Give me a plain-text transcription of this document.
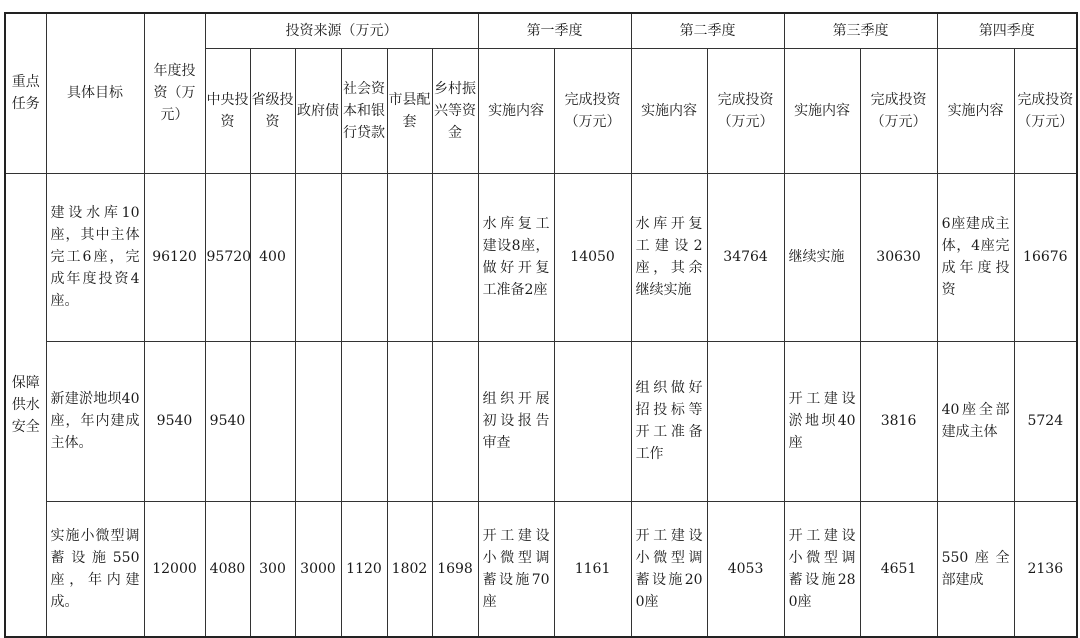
重点任务	具体目标	年度投资（万元）	投资来源（万元）						第一季度		第二季度		第三季度		第四季度	
			中央投资	省级投资	政府债	社会资本和银行贷款	市县配套	乡村振兴等资金	实施内容	完成投资（万元）	实施内容	完成投资（万元）	实施内容	完成投资（万元）	实施内容	完成投资（万元）
保障供水安全	建设水库10座，其中主体完工6座，完成年度投资4座。	96120	95720	400					水库复工建设8座，做好开复工准备2座	14050	水库开复工建设2座，其余继续实施	34764	继续实施	30630	6座建成主体，4座完成年度投资	16676
	新建淤地坝40座，年内建成主体。	9540	9540						组织开展初设报告审查		组织做好招投标等开工准备工作		开工建设淤地坝40座	3816	40座全部建成主体	5724
	实施小微型调蓄设施550座，年内建成。	12000	4080	300	3000	1120	1802	1698	开工建设小微型调蓄设施70座	1161	开工建设小微型调蓄设施200座	4053	开工建设小微型调蓄设施280座	4651	550座全部建成	2136
